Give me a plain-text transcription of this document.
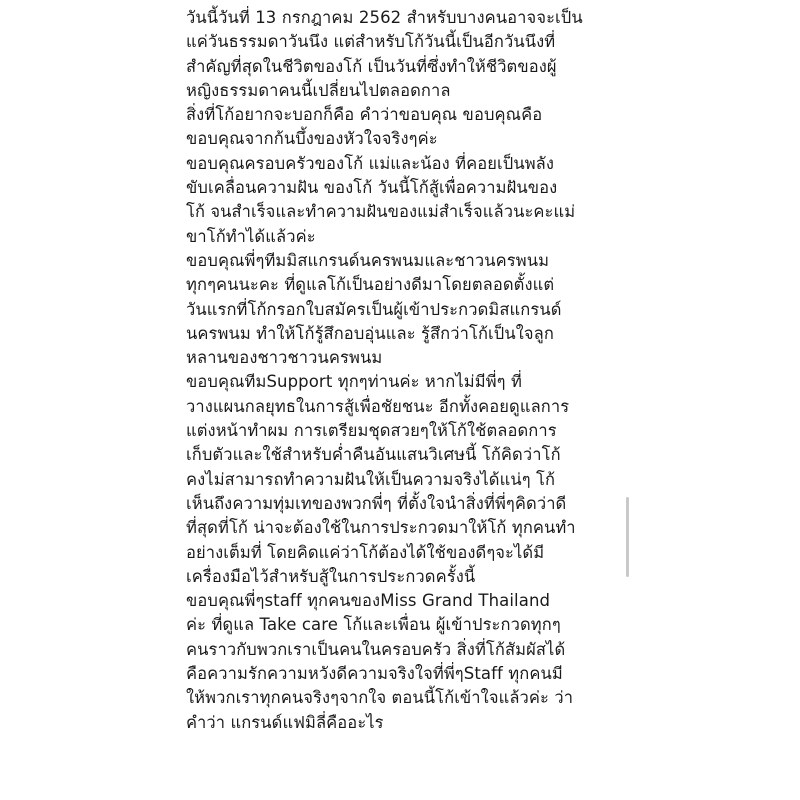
วันนี้วันที่ 13 กรกฎาคม 2562 สำหรับบางคนอาจจะเป็น
แค่วันธรรมดาวันนึง แต่สำหรับโก้วันนี้เป็นอีกวันนึงที่
สำคัญที่สุดในชีวิตของโก้ เป็นวันที่ซึ่งทำให้ชีวิตของผู้
หญิงธรรมดาคนนี้เปลี่ยนไปตลอดกาล
สิ่งที่โก้อยากจะบอกก็คือ คำว่าขอบคุณ ขอบคุณคือ
ขอบคุณจากก้นบึ้งของหัวใจจริงๆค่ะ
ขอบคุณครอบครัวของโก้ แม่และน้อง ที่คอยเป็นพลัง
ขับเคลื่อนความฝัน ของโก้ วันนี้โก้สู้เพื่อความฝันของ
โก้ จนสำเร็จและทำความฝันของแม่สำเร็จแล้วนะคะแม่
ขาโก้ทำได้แล้วค่ะ
ขอบคุณพี่ๆทีมมิสแกรนด์นครพนมและชาวนครพนม
ทุกๆคนนะคะ ที่ดูแลโก้เป็นอย่างดีมาโดยตลอดตั้งแต่
วันแรกที่โก้กรอกใบสมัครเป็นผู้เข้าประกวดมิสแกรนด์
นครพนม ทำให้โก้รู้สึกอบอุ่นและ รู้สึกว่าโก้เป็นใจลูก
หลานของชาวชาวนครพนม
ขอบคุณทีมSupport ทุกๆท่านค่ะ หากไม่มีพี่ๆ ที่
วางแผนกลยุทธในการสู้เพื่อชัยชนะ อีกทั้งคอยดูแลการ
แต่งหน้าทำผม การเตรียมชุดสวยๆให้โก้ใช้ตลอดการ
เก็บตัวและใช้สำหรับค่ำคืนอันแสนวิเศษนี้ โก้คิดว่าโก้
คงไม่สามารถทำความฝันให้เป็นความจริงได้แน่ๆ โก้
เห็นถึงความทุ่มเทของพวกพี่ๆ ที่ตั้งใจนำสิ่งที่พี่ๆคิดว่าดี
ที่สุดที่โก้ น่าจะต้องใช้ในการประกวดมาให้โก้ ทุกคนทำ
อย่างเต็มที่ โดยคิดแค่ว่าโก้ต้องได้ใช้ของดีๆจะได้มี
เครื่องมือไว้สำหรับสู้ในการประกวดครั้งนี้
ขอบคุณพี่ๆstaff ทุกคนของMiss Grand Thailand
ค่ะ ที่ดูแล Take care โก้และเพื่อน ผู้เข้าประกวดทุกๆ
คนราวกับพวกเราเป็นคนในครอบครัว สิ่งที่โก้สัมผัสได้
คือความรักความหวังดีความจริงใจที่พี่ๆStaff ทุกคนมี
ให้พวกเราทุกคนจริงๆจากใจ ตอนนี้โก้เข้าใจแล้วค่ะ ว่า
คำว่า แกรนด์แฟมิลี่คืออะไร
